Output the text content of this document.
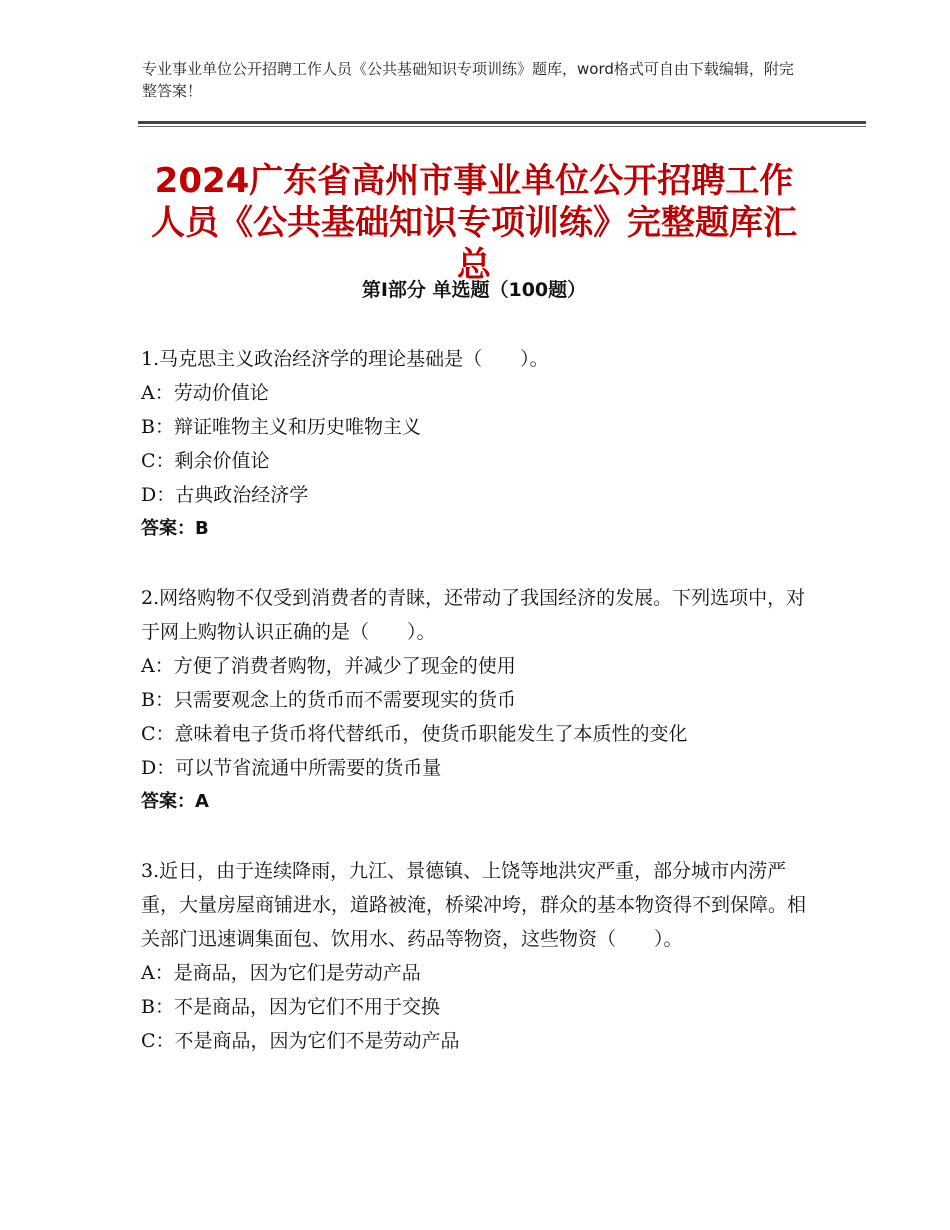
专业事业单位公开招聘工作人员《公共基础知识专项训练》题库，word格式可自由下载编辑，附完整答案！
2024广东省高州市事业单位公开招聘工作人员《公共基础知识专项训练》完整题库汇总
第Ⅰ部分 单选题（100题）

1.马克思主义政治经济学的理论基础是（　　）。

A：劳动价值论

B：辩证唯物主义和历史唯物主义

C：剩余价值论

D：古典政治经济学

答案：B

2.网络购物不仅受到消费者的青睐，还带动了我国经济的发展。下列选项中，对于网上购物认识正确的是（　　）。

A：方便了消费者购物，并减少了现金的使用

B：只需要观念上的货币而不需要现实的货币

C：意味着电子货币将代替纸币，使货币职能发生了本质性的变化

D：可以节省流通中所需要的货币量

答案：A

3.近日，由于连续降雨，九江、景德镇、上饶等地洪灾严重，部分城市内涝严重，大量房屋商铺进水，道路被淹，桥梁冲垮，群众的基本物资得不到保障。相关部门迅速调集面包、饮用水、药品等物资，这些物资（　　）。

A：是商品，因为它们是劳动产品

B：不是商品，因为它们不用于交换

C：不是商品，因为它们不是劳动产品
